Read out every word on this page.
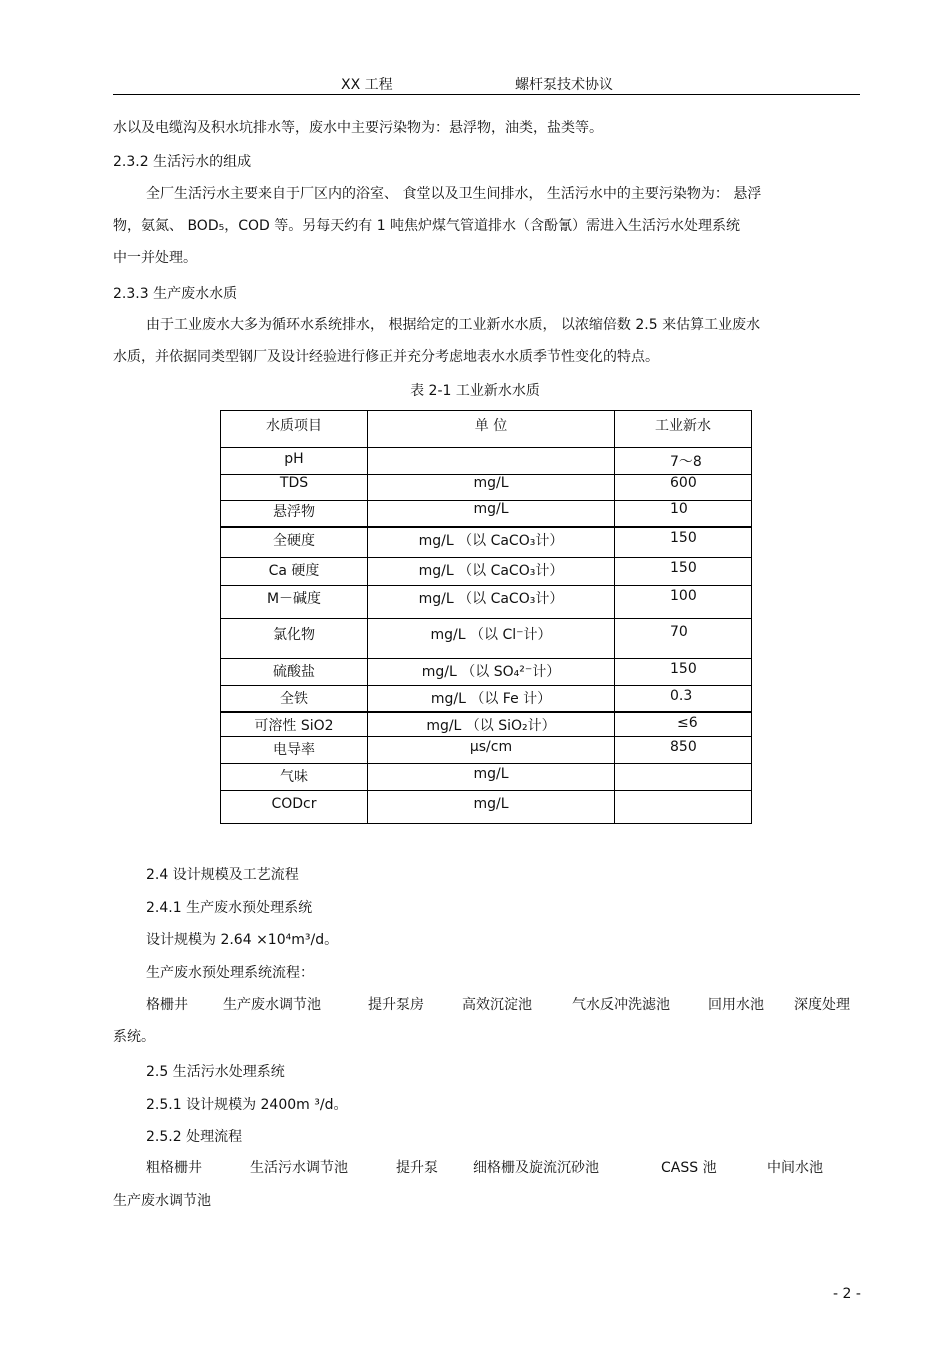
XX 工程	螺杆泵技术协议
水以及电缆沟及积水坑排水等，废水中主要污染物为：悬浮物，油类，盐类等。
2.3.2 生活污水的组成
全厂生活污水主要来自于厂区内的浴室、 食堂以及卫生间排水， 生活污水中的主要污染物为： 悬浮
物，氨氮、 BOD₅，COD 等。另每天约有 1 吨焦炉煤气管道排水（含酚氰）需进入生活污水处理系统
中一并处理。
2.3.3 生产废水水质
由于工业废水大多为循环水系统排水， 根据给定的工业新水水质， 以浓缩倍数 2.5 来估算工业废水
水质，并依据同类型钢厂及设计经验进行修正并充分考虑地表水水质季节性变化的特点。
表 2-1 工业新水水质
水质项目	单 位	工业新水
pH		7～8

TDS	mg/L	600

悬浮物	mg/L	10

全硬度	mg/L （以 CaCO₃计）	150

Ca 硬度	mg/L （以 CaCO₃计）	150

M－碱度	mg/L （以 CaCO₃计）	100

氯化物	mg/L （以 Cl⁻计）	70

硫酸盐	mg/L （以 SO₄²⁻计）	150

全铁	mg/L （以 Fe 计）	0.3

可溶性 SiO2	mg/L （以 SiO₂计）	≤6

电导率	μs/cm	850

气味	mg/L	

CODcr	mg/L	
2.4 设计规模及工艺流程
2.4.1 生产废水预处理系统
设计规模为 2.64 ×10⁴m³/d。
生产废水预处理系统流程：
格栅井	生产废水调节池	提升泵房	高效沉淀池	气水反冲洗滤池	回用水池 深度处理
系统。
2.5 生活污水处理系统
2.5.1 设计规模为 2400m ³/d。
2.5.2 处理流程
粗格栅井	生活污水调节池	提升泵	细格栅及旋流沉砂池	CASS 池	中间水池
生产废水调节池
- 2 -
